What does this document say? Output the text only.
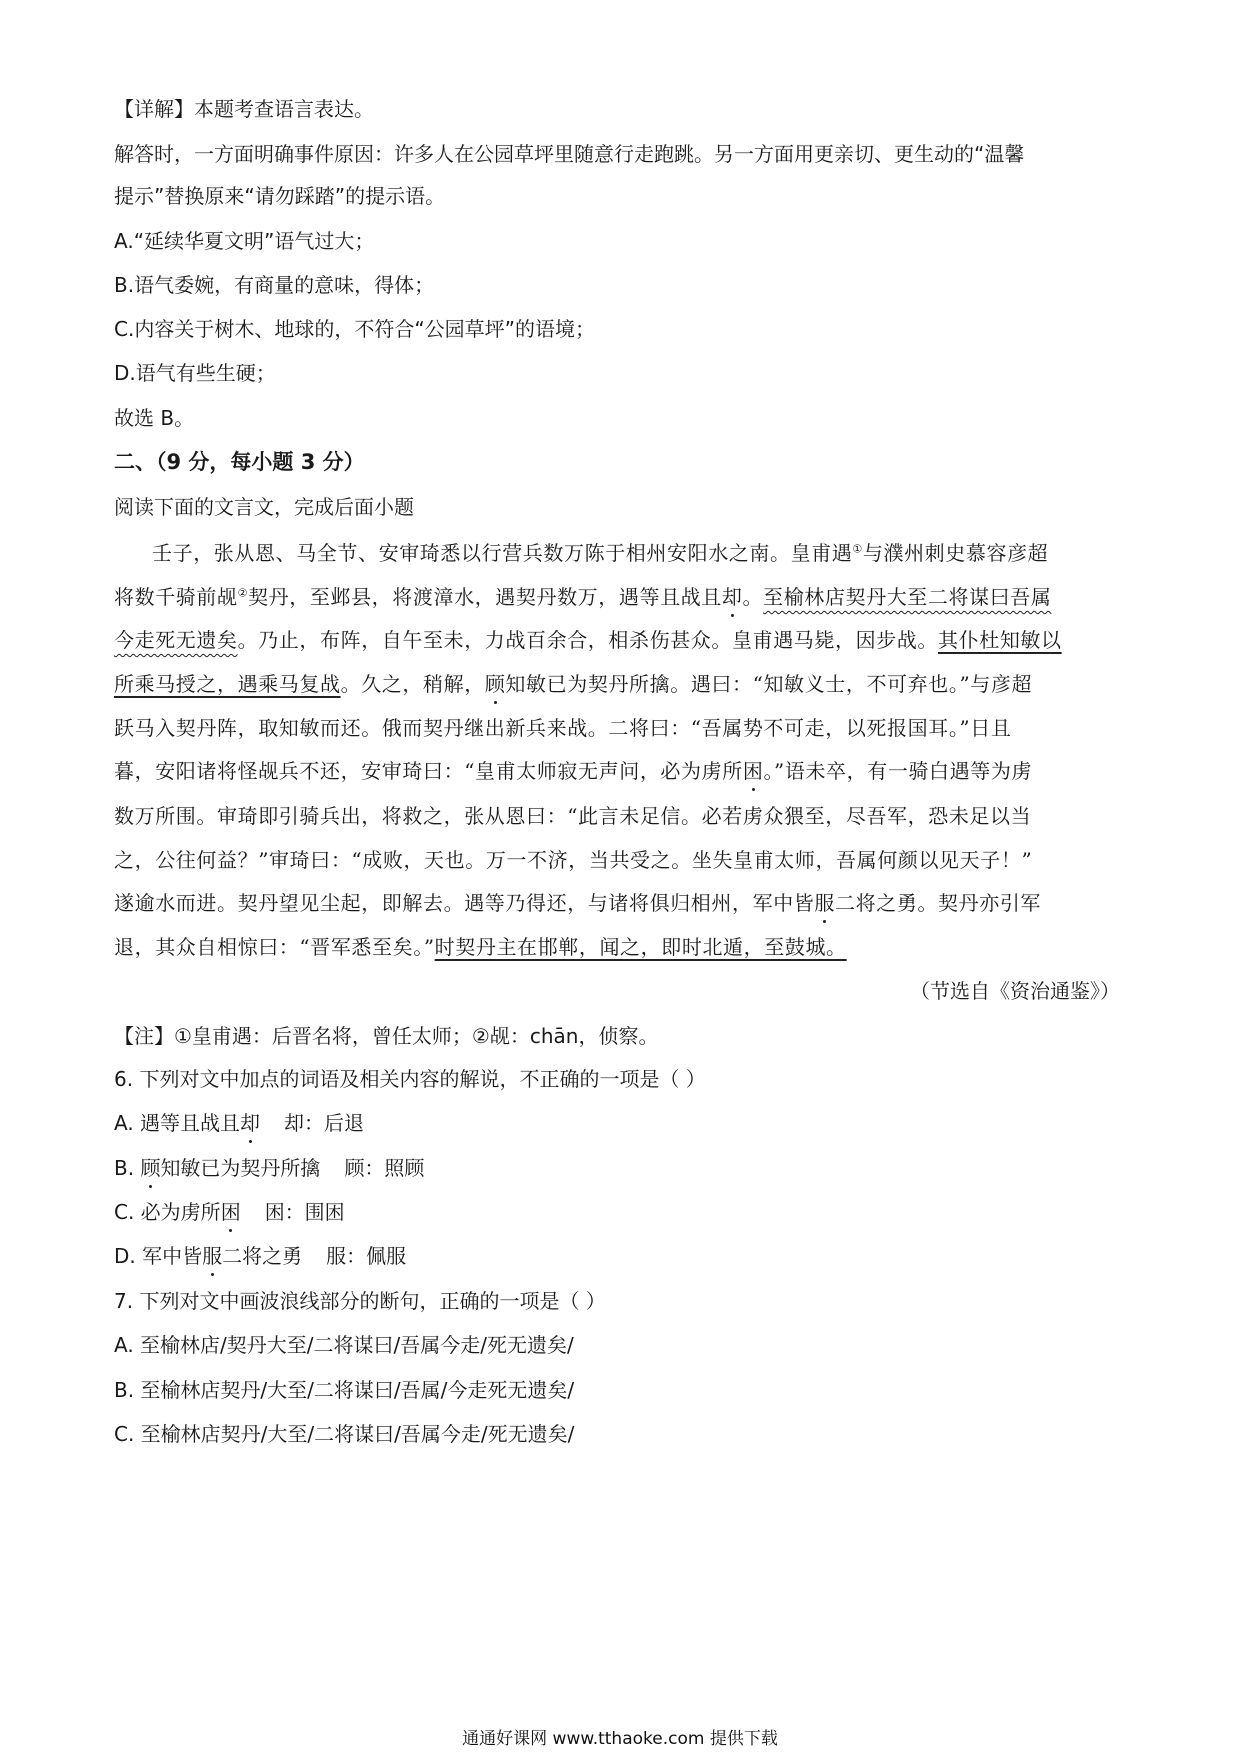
【详解】本题考查语言表达。
解答时，一方面明确事件原因：许多人在公园草坪里随意行走跑跳。另一方面用更亲切、更生动的“温馨
提示”替换原来“请勿踩踏”的提示语。
A.“延续华夏文明”语气过大；
B.语气委婉，有商量的意味，得体；
C.内容关于树木、地球的，不符合“公园草坪”的语境；
D.语气有些生硬；
故选 B。
二、（9 分，每小题 3 分）
阅读下面的文言文，完成后面小题
壬子，张从恩、马全节、安审琦悉以行营兵数万陈于相州安阳水之南。皇甫遇①与濮州刺史慕容彦超
将数千骑前觇②契丹，至邺县，将渡漳水，遇契丹数万，遇等且战且却。至榆林店契丹大至二将谋曰吾属
今走死无遗矣。乃止，布阵，自午至未，力战百余合，相杀伤甚众。皇甫遇马毙，因步战。其仆杜知敏以
所乘马授之，遇乘马复战。久之，稍解，顾知敏已为契丹所擒。遇曰：“知敏义士，不可弃也。”与彦超
跃马入契丹阵，取知敏而还。俄而契丹继出新兵来战。二将曰：“吾属势不可走，以死报国耳。”日且
暮，安阳诸将怪觇兵不还，安审琦曰：“皇甫太师寂无声问，必为虏所困。”语未卒，有一骑白遇等为虏
数万所围。审琦即引骑兵出，将救之，张从恩曰：“此言未足信。必若虏众猥至，尽吾军，恐未足以当
之，公往何益？”审琦曰：“成败，天也。万一不济，当共受之。坐失皇甫太师，吾属何颜以见天子！”
遂逾水而进。契丹望见尘起，即解去。遇等乃得还，与诸将俱归相州，军中皆服二将之勇。契丹亦引军
退，其众自相惊曰：“晋军悉至矣。”时契丹主在邯郸，闻之，即时北遁，至鼓城。
（节选自《资治通鉴》）
【注】①皇甫遇：后晋名将，曾任太师；②觇：chān，侦察。
6. 下列对文中加点的词语及相关内容的解说，不正确的一项是（ ）
A. 遇等且战且却 却：后退
B. 顾知敏已为契丹所擒 顾：照顾
C. 必为虏所困 困：围困
D. 军中皆服二将之勇 服：佩服
7. 下列对文中画波浪线部分的断句，正确的一项是（ ）
A. 至榆林店/契丹大至/二将谋曰/吾属今走/死无遗矣/
B. 至榆林店契丹/大至/二将谋曰/吾属/今走死无遗矣/
C. 至榆林店契丹/大至/二将谋曰/吾属今走/死无遗矣/
通通好课网 www.tthaoke.com 提供下载
